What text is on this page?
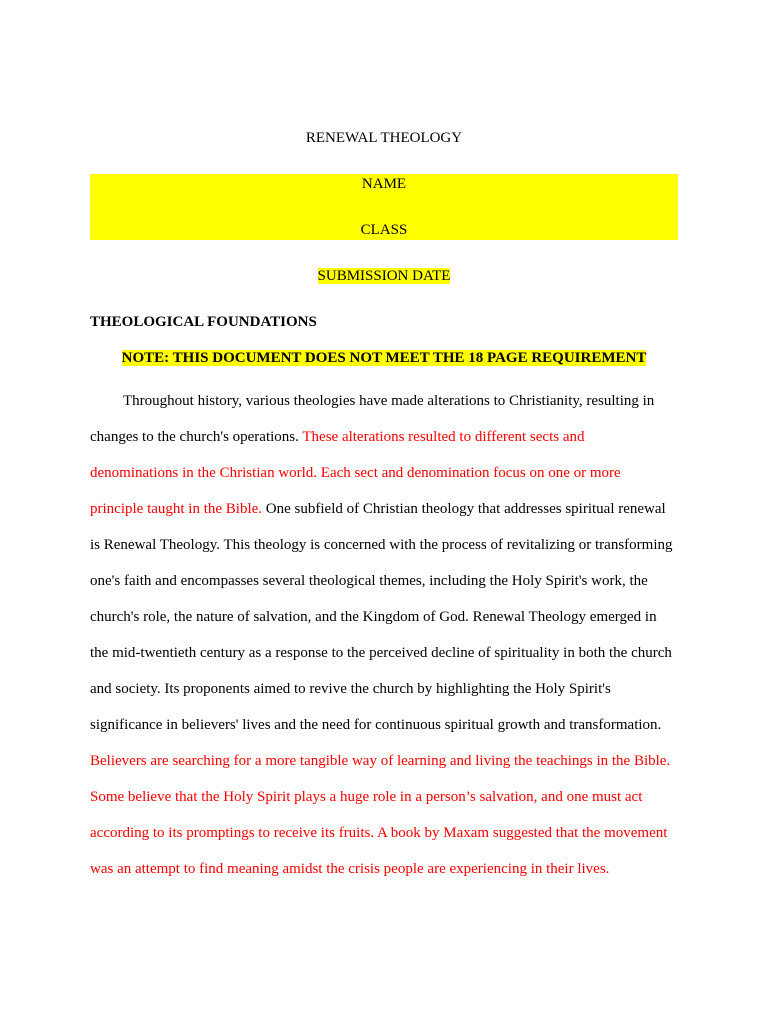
RENEWAL THEOLOGY
NAME
CLASS
SUBMISSION DATE
THEOLOGICAL FOUNDATIONS
NOTE: THIS DOCUMENT DOES NOT MEET THE 18 PAGE REQUIREMENT
Throughout history, various theologies have made alterations to Christianity, resulting in
changes to the church's operations. These alterations resulted to different sects and
denominations in the Christian world. Each sect and denomination focus on one or more
principle taught in the Bible. One subfield of Christian theology that addresses spiritual renewal
is Renewal Theology. This theology is concerned with the process of revitalizing or transforming
one's faith and encompasses several theological themes, including the Holy Spirit's work, the
church's role, the nature of salvation, and the Kingdom of God. Renewal Theology emerged in
the mid-twentieth century as a response to the perceived decline of spirituality in both the church
and society. Its proponents aimed to revive the church by highlighting the Holy Spirit's
significance in believers' lives and the need for continuous spiritual growth and transformation.
Believers are searching for a more tangible way of learning and living the teachings in the Bible.
Some believe that the Holy Spirit plays a huge role in a person’s salvation, and one must act
according to its promptings to receive its fruits. A book by Maxam suggested that the movement
was an attempt to find meaning amidst the crisis people are experiencing in their lives.
